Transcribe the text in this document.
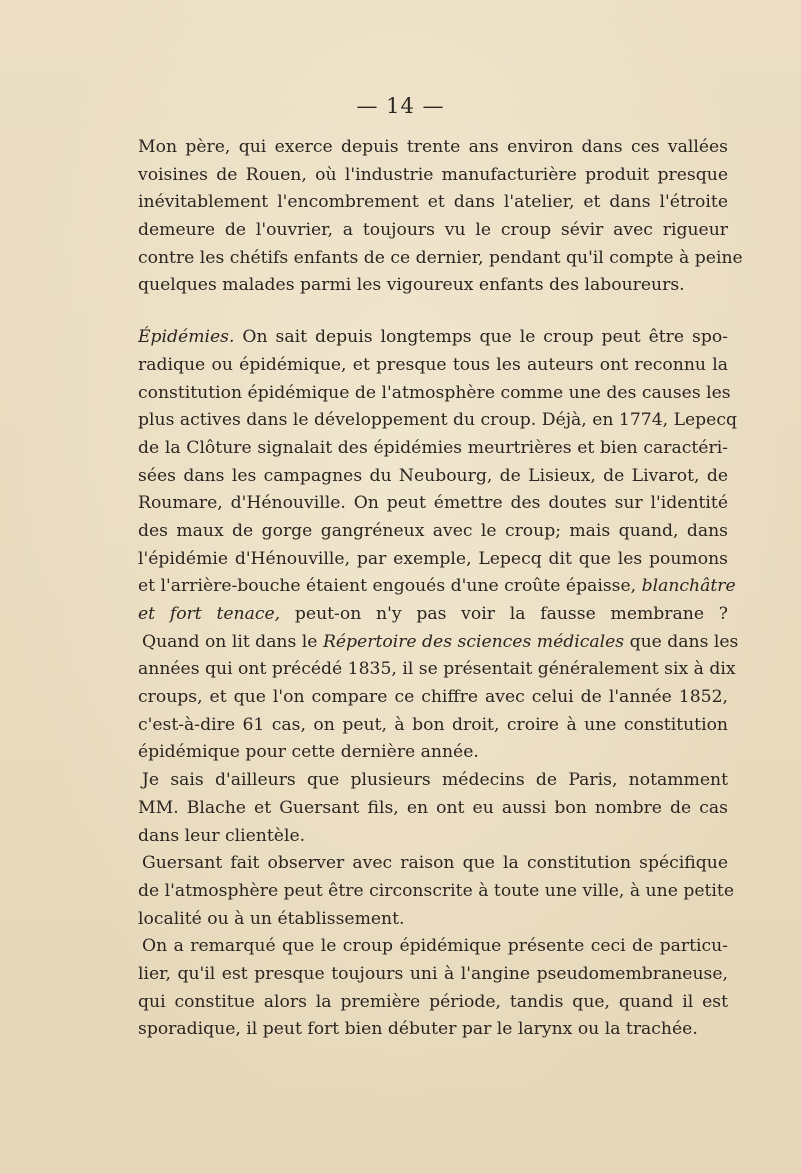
— 14 —
Mon père, qui exerce depuis trente ans environ dans ces vallées
voisines de Rouen, où l'industrie manufacturière produit presque
inévitablement l'encombrement et dans l'atelier, et dans l'étroite
demeure de l'ouvrier, a toujours vu le croup sévir avec rigueur
contre les chétifs enfants de ce dernier, pendant qu'il compte à peine
quelques malades parmi les vigoureux enfants des laboureurs.
Épidémies. On sait depuis longtemps que le croup peut être spo-
radique ou épidémique, et presque tous les auteurs ont reconnu la
constitution épidémique de l'atmosphère comme une des causes les
plus actives dans le développement du croup. Déjà, en 1774, Lepecq
de la Clôture signalait des épidémies meurtrières et bien caractéri-
sées dans les campagnes du Neubourg, de Lisieux, de Livarot, de
Roumare, d'Hénouville. On peut émettre des doutes sur l'identité
des maux de gorge gangréneux avec le croup; mais quand, dans
l'épidémie d'Hénouville, par exemple, Lepecq dit que les poumons
et l'arrière-bouche étaient engoués d'une croûte épaisse, blanchâtre
et fort tenace, peut-on n'y pas voir la fausse membrane ?
Quand on lit dans le Répertoire des sciences médicales que dans les
années qui ont précédé 1835, il se présentait généralement six à dix
croups, et que l'on compare ce chiffre avec celui de l'année 1852,
c'est-à-dire 61 cas, on peut, à bon droit, croire à une constitution
épidémique pour cette dernière année.
Je sais d'ailleurs que plusieurs médecins de Paris, notamment
MM. Blache et Guersant fils, en ont eu aussi bon nombre de cas
dans leur clientèle.
Guersant fait observer avec raison que la constitution spécifique
de l'atmosphère peut être circonscrite à toute une ville, à une petite
localité ou à un établissement.
On a remarqué que le croup épidémique présente ceci de particu-
lier, qu'il est presque toujours uni à l'angine pseudomembraneuse,
qui constitue alors la première période, tandis que, quand il est
sporadique, il peut fort bien débuter par le larynx ou la trachée.
